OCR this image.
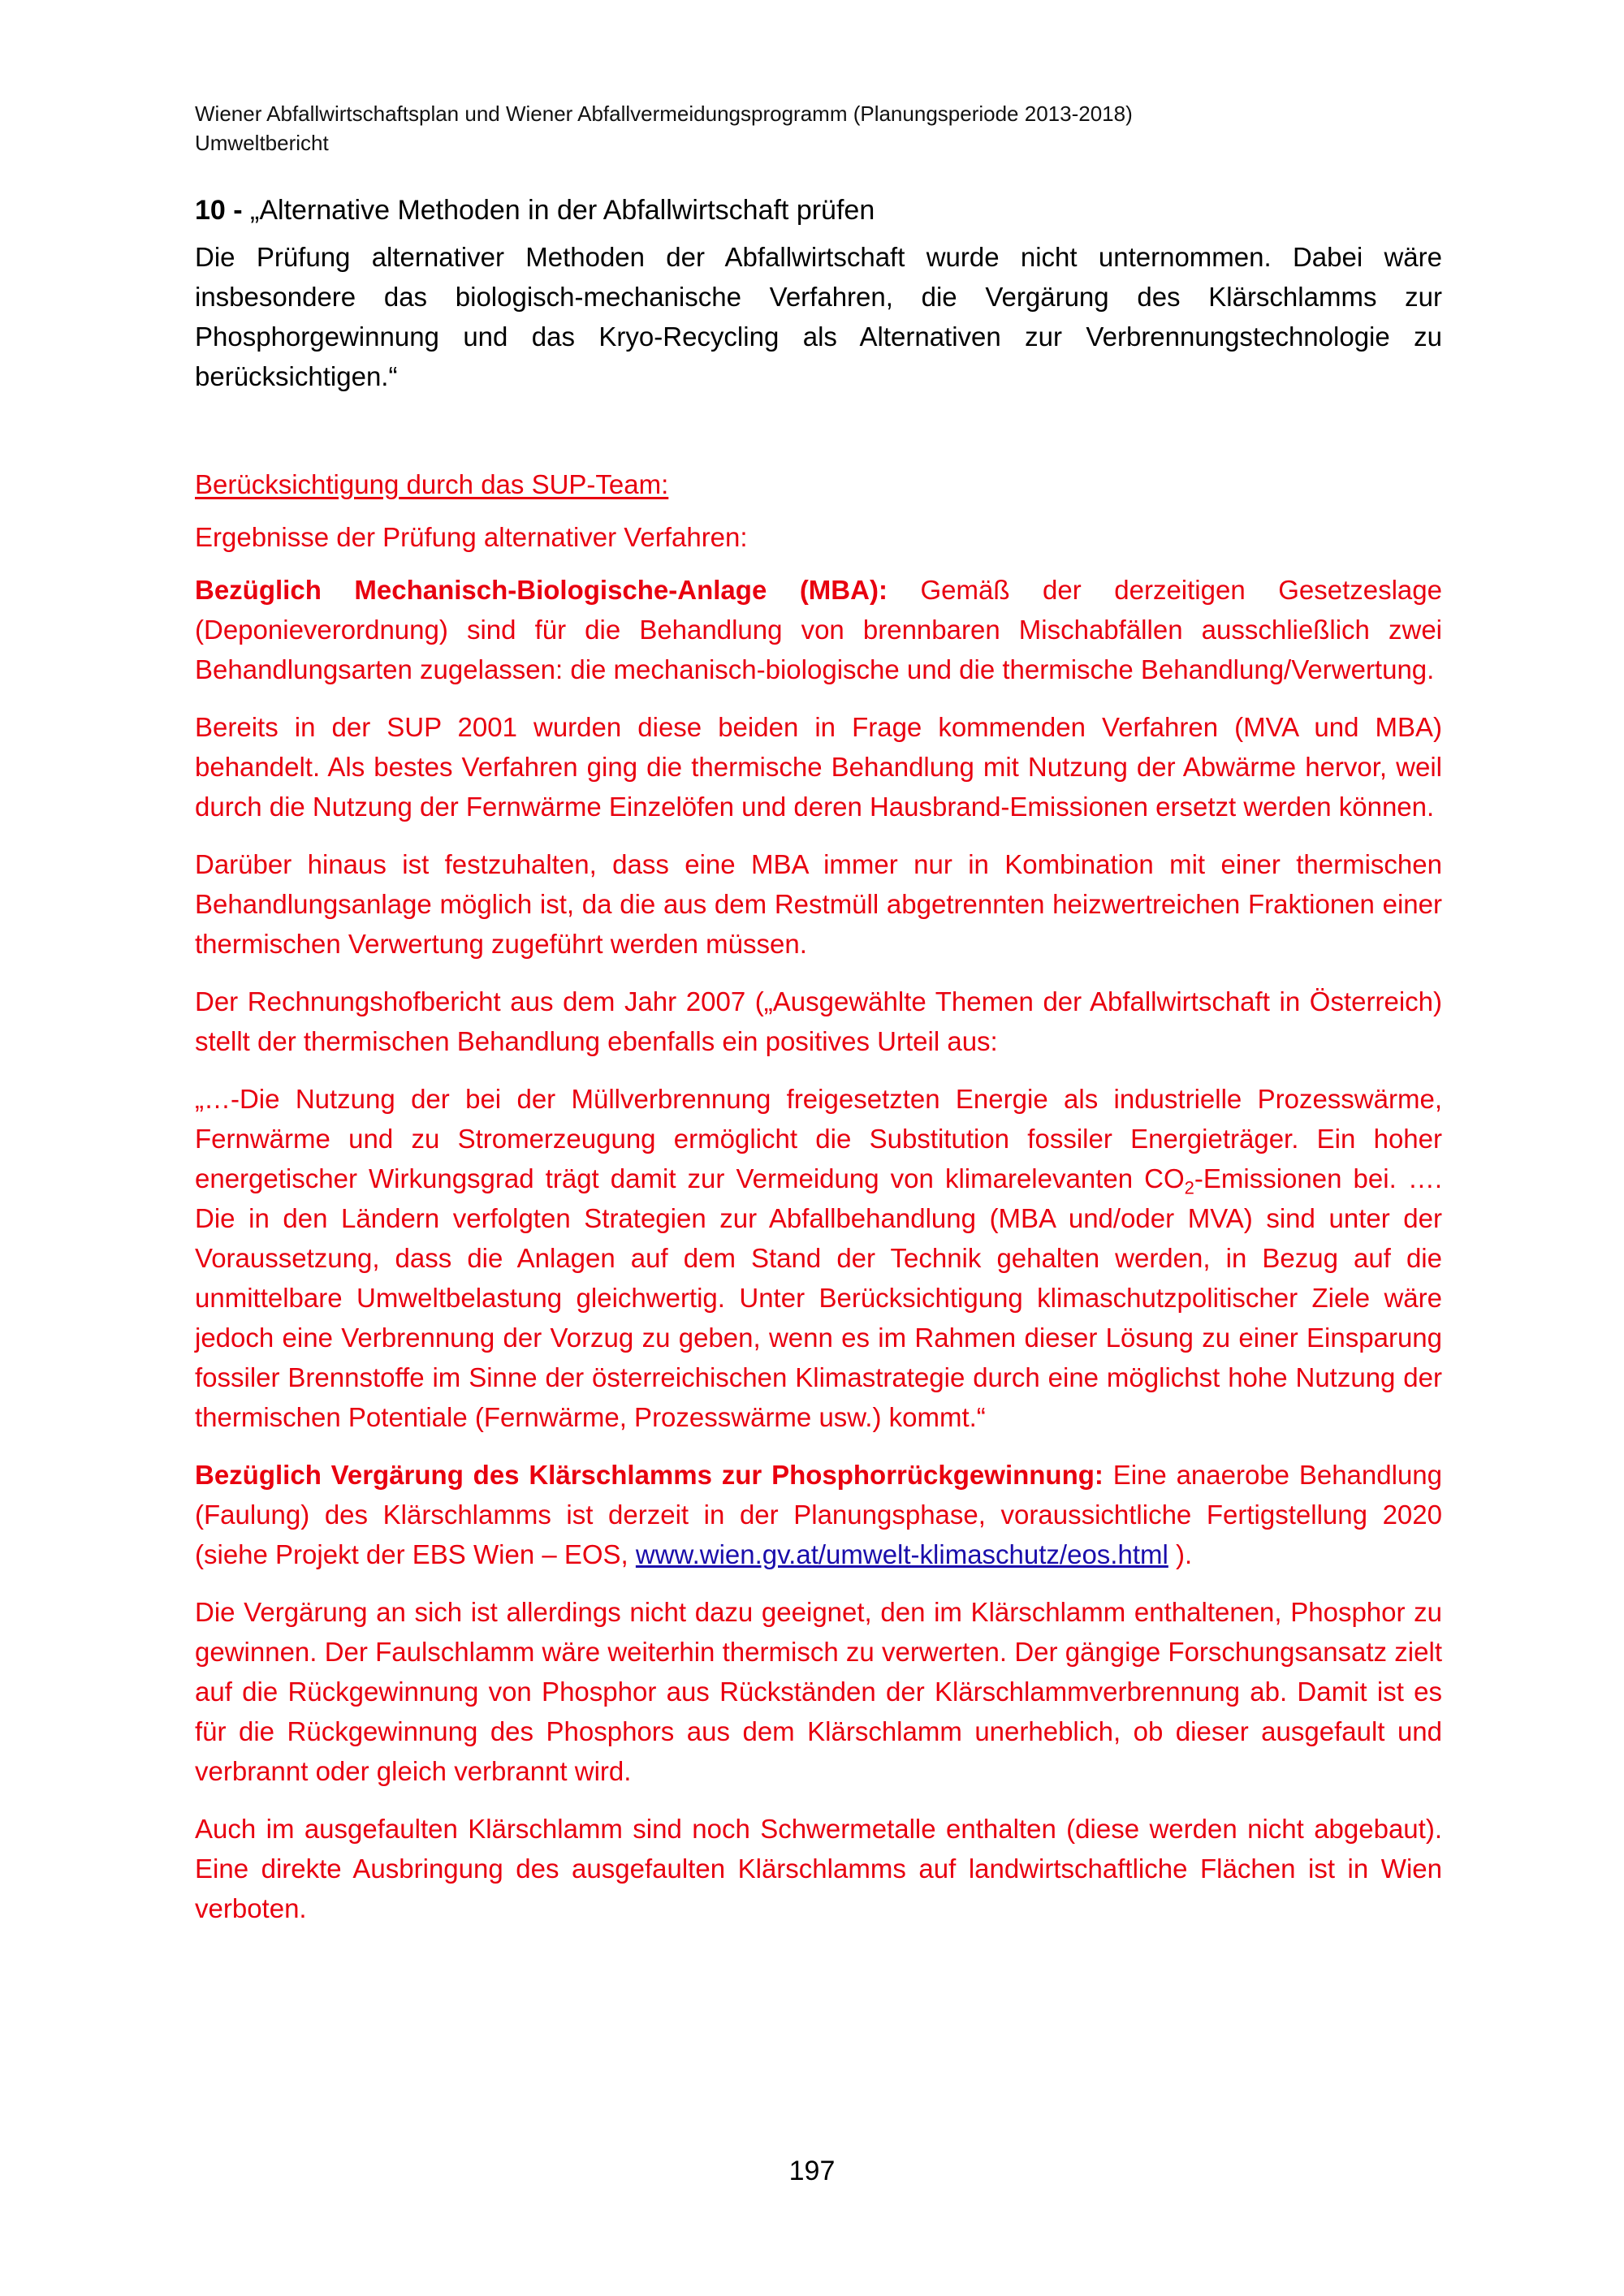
Wiener Abfallwirtschaftsplan und Wiener Abfallvermeidungsprogramm (Planungsperiode 2013-2018)
Umweltbericht
10 - „Alternative Methoden in der Abfallwirtschaft prüfen

Die Prüfung alternativer Methoden der Abfallwirtschaft wurde nicht unternommen. Dabei wäre insbesondere das biologisch-mechanische Verfahren, die Vergärung des Klärschlamms zur Phosphorgewinnung und das Kryo-Recycling als Alternativen zur Verbrennungstechnologie zu berücksichtigen.“

Berücksichtigung durch das SUP-Team:

Ergebnisse der Prüfung alternativer Verfahren:

Bezüglich Mechanisch-Biologische-Anlage (MBA): Gemäß der derzeitigen Gesetzeslage (Deponieverordnung) sind für die Behandlung von brennbaren Mischabfällen ausschließlich zwei Behandlungsarten zugelassen: die mechanisch-biologische und die thermische Behandlung/Verwertung.

Bereits in der SUP 2001 wurden diese beiden in Frage kommenden Verfahren (MVA und MBA) behandelt. Als bestes Verfahren ging die thermische Behandlung mit Nutzung der Abwärme hervor, weil durch die Nutzung der Fernwärme Einzelöfen und deren Hausbrand-Emissionen ersetzt werden können.

Darüber hinaus ist festzuhalten, dass eine MBA immer nur in Kombination mit einer thermischen Behandlungsanlage möglich ist, da die aus dem Restmüll abgetrennten heizwertreichen Fraktionen einer thermischen Verwertung zugeführt werden müssen.

Der Rechnungshofbericht aus dem Jahr 2007 („Ausgewählte Themen der Abfallwirtschaft in Österreich) stellt der thermischen Behandlung ebenfalls ein positives Urteil aus:

„…-Die Nutzung der bei der Müllverbrennung freigesetzten Energie als industrielle Prozesswärme, Fernwärme und zu Stromerzeugung ermöglicht die Substitution fossiler Energieträger. Ein hoher energetischer Wirkungsgrad trägt damit zur Vermeidung von klimarelevanten $CO_2$-Emissionen bei. …. Die in den Ländern verfolgten Strategien zur Abfallbehandlung (MBA und/oder MVA) sind unter der Voraussetzung, dass die Anlagen auf dem Stand der Technik gehalten werden, in Bezug auf die unmittelbare Umweltbelastung gleichwertig. Unter Berücksichtigung klimaschutzpolitischer Ziele wäre jedoch eine Verbrennung der Vorzug zu geben, wenn es im Rahmen dieser Lösung zu einer Einsparung fossiler Brennstoffe im Sinne der österreichischen Klimastrategie durch eine möglichst hohe Nutzung der thermischen Potentiale (Fernwärme, Prozesswärme usw.) kommt.“

Bezüglich Vergärung des Klärschlamms zur Phosphorrückgewinnung: Eine anaerobe Behandlung (Faulung) des Klärschlamms ist derzeit in der Planungsphase, voraussichtliche Fertigstellung 2020 (siehe Projekt der EBS Wien – EOS, www.wien.gv.at/umwelt-klimaschutz/eos.html ).

Die Vergärung an sich ist allerdings nicht dazu geeignet, den im Klärschlamm enthaltenen, Phosphor zu gewinnen. Der Faulschlamm wäre weiterhin thermisch zu verwerten. Der gängige Forschungsansatz zielt auf die Rückgewinnung von Phosphor aus Rückständen der Klärschlammverbrennung ab. Damit ist es für die Rückgewinnung des Phosphors aus dem Klärschlamm unerheblich, ob dieser ausgefault und verbrannt oder gleich verbrannt wird.

Auch im ausgefaulten Klärschlamm sind noch Schwermetalle enthalten (diese werden nicht abgebaut). Eine direkte Ausbringung des ausgefaulten Klärschlamms auf landwirtschaftliche Flächen ist in Wien verboten.

197
